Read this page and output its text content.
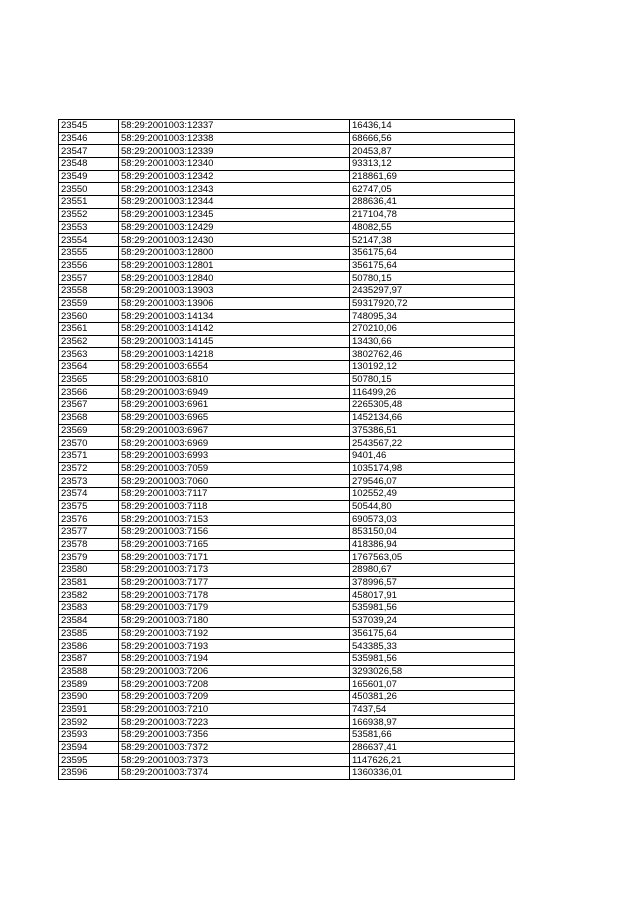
23545	58:29:2001003:12337	16436,14
23546	58:29:2001003:12338	68666,56
23547	58:29:2001003:12339	20453,87
23548	58:29:2001003:12340	93313,12
23549	58:29:2001003:12342	218861,69
23550	58:29:2001003:12343	62747,05
23551	58:29:2001003:12344	288636,41
23552	58:29:2001003:12345	217104,78
23553	58:29:2001003:12429	48082,55
23554	58:29:2001003:12430	52147,38
23555	58:29:2001003:12800	356175,64
23556	58:29:2001003:12801	356175,64
23557	58:29:2001003:12840	50780,15
23558	58:29:2001003:13903	2435297,97
23559	58:29:2001003:13906	59317920,72
23560	58:29:2001003:14134	748095,34
23561	58:29:2001003:14142	270210,06
23562	58:29:2001003:14145	13430,66
23563	58:29:2001003:14218	3802762,46
23564	58:29:2001003:6554	130192,12
23565	58:29:2001003:6810	50780,15
23566	58:29:2001003:6949	116499,26
23567	58:29:2001003:6961	2265305,48
23568	58:29:2001003:6965	1452134,66
23569	58:29:2001003:6967	375386,51
23570	58:29:2001003:6969	2543567,22
23571	58:29:2001003:6993	9401,46
23572	58:29:2001003:7059	1035174,98
23573	58:29:2001003:7060	279546,07
23574	58:29:2001003:7117	102552,49
23575	58:29:2001003:7118	50544,80
23576	58:29:2001003:7153	690573,03
23577	58:29:2001003:7156	853150,04
23578	58:29:2001003:7165	418386,94
23579	58:29:2001003:7171	1767563,05
23580	58:29:2001003:7173	28980,67
23581	58:29:2001003:7177	378996,57
23582	58:29:2001003:7178	458017,91
23583	58:29:2001003:7179	535981,56
23584	58:29:2001003:7180	537039,24
23585	58:29:2001003:7192	356175,64
23586	58:29:2001003:7193	543385,33
23587	58:29:2001003:7194	535981,56
23588	58:29:2001003:7206	3293026,58
23589	58:29:2001003:7208	165601,07
23590	58:29:2001003:7209	450381,26
23591	58:29:2001003:7210	7437,54
23592	58:29:2001003:7223	166938,97
23593	58:29:2001003:7356	53581,66
23594	58:29:2001003:7372	286637,41
23595	58:29:2001003:7373	1147626,21
23596	58:29:2001003:7374	1360336,01
